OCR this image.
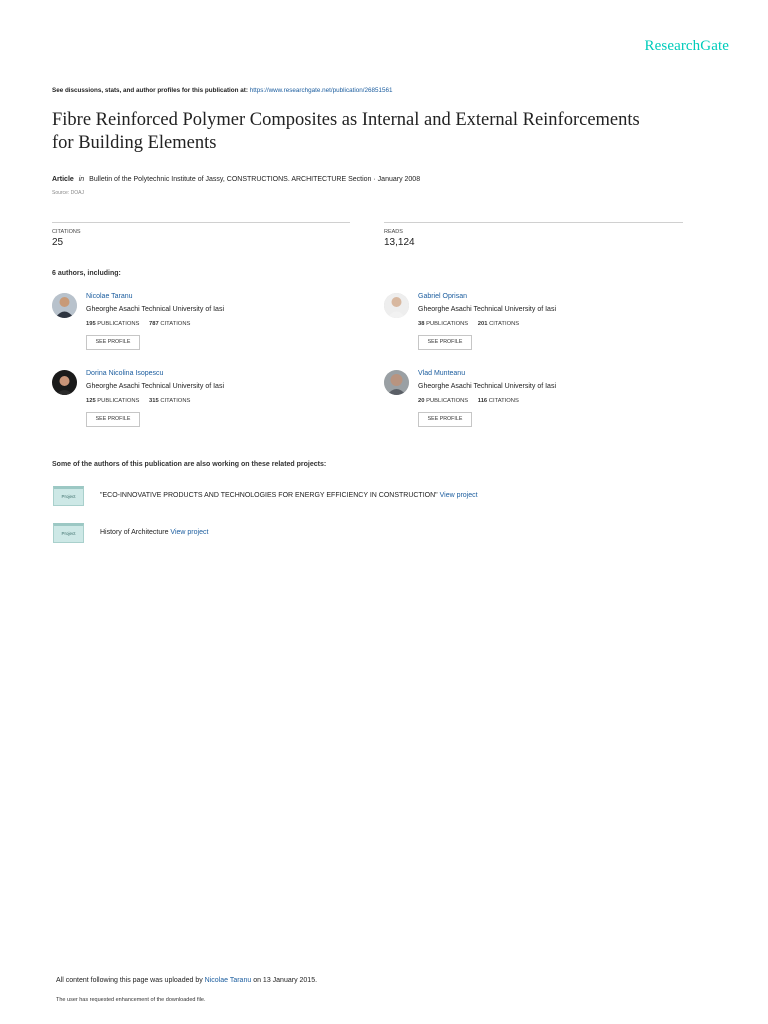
ResearchGate
See discussions, stats, and author profiles for this publication at: https://www.researchgate.net/publication/26851561
Fibre Reinforced Polymer Composites as Internal and External Reinforcements for Building Elements
Article in Bulletin of the Polytechnic Institute of Jassy, CONSTRUCTIONS. ARCHITECTURE Section · January 2008
Source: DOAJ
CITATIONS
25
READS
13,124
6 authors, including:
Nicolae Taranu
Gheorghe Asachi Technical University of Iasi
195 PUBLICATIONS 787 CITATIONS
SEE PROFILE
Gabriel Oprisan
Gheorghe Asachi Technical University of Iasi
38 PUBLICATIONS 201 CITATIONS
SEE PROFILE
Dorina Nicolina Isopescu
Gheorghe Asachi Technical University of Iasi
125 PUBLICATIONS 315 CITATIONS
SEE PROFILE
Vlad Munteanu
Gheorghe Asachi Technical University of Iasi
20 PUBLICATIONS 116 CITATIONS
SEE PROFILE
Some of the authors of this publication are also working on these related projects:
Project	"ECO-INNOVATIVE PRODUCTS AND TECHNOLOGIES FOR ENERGY EFFICIENCY IN CONSTRUCTION" View project
Project	History of Architecture View project
All content following this page was uploaded by Nicolae Taranu on 13 January 2015.
The user has requested enhancement of the downloaded file.
